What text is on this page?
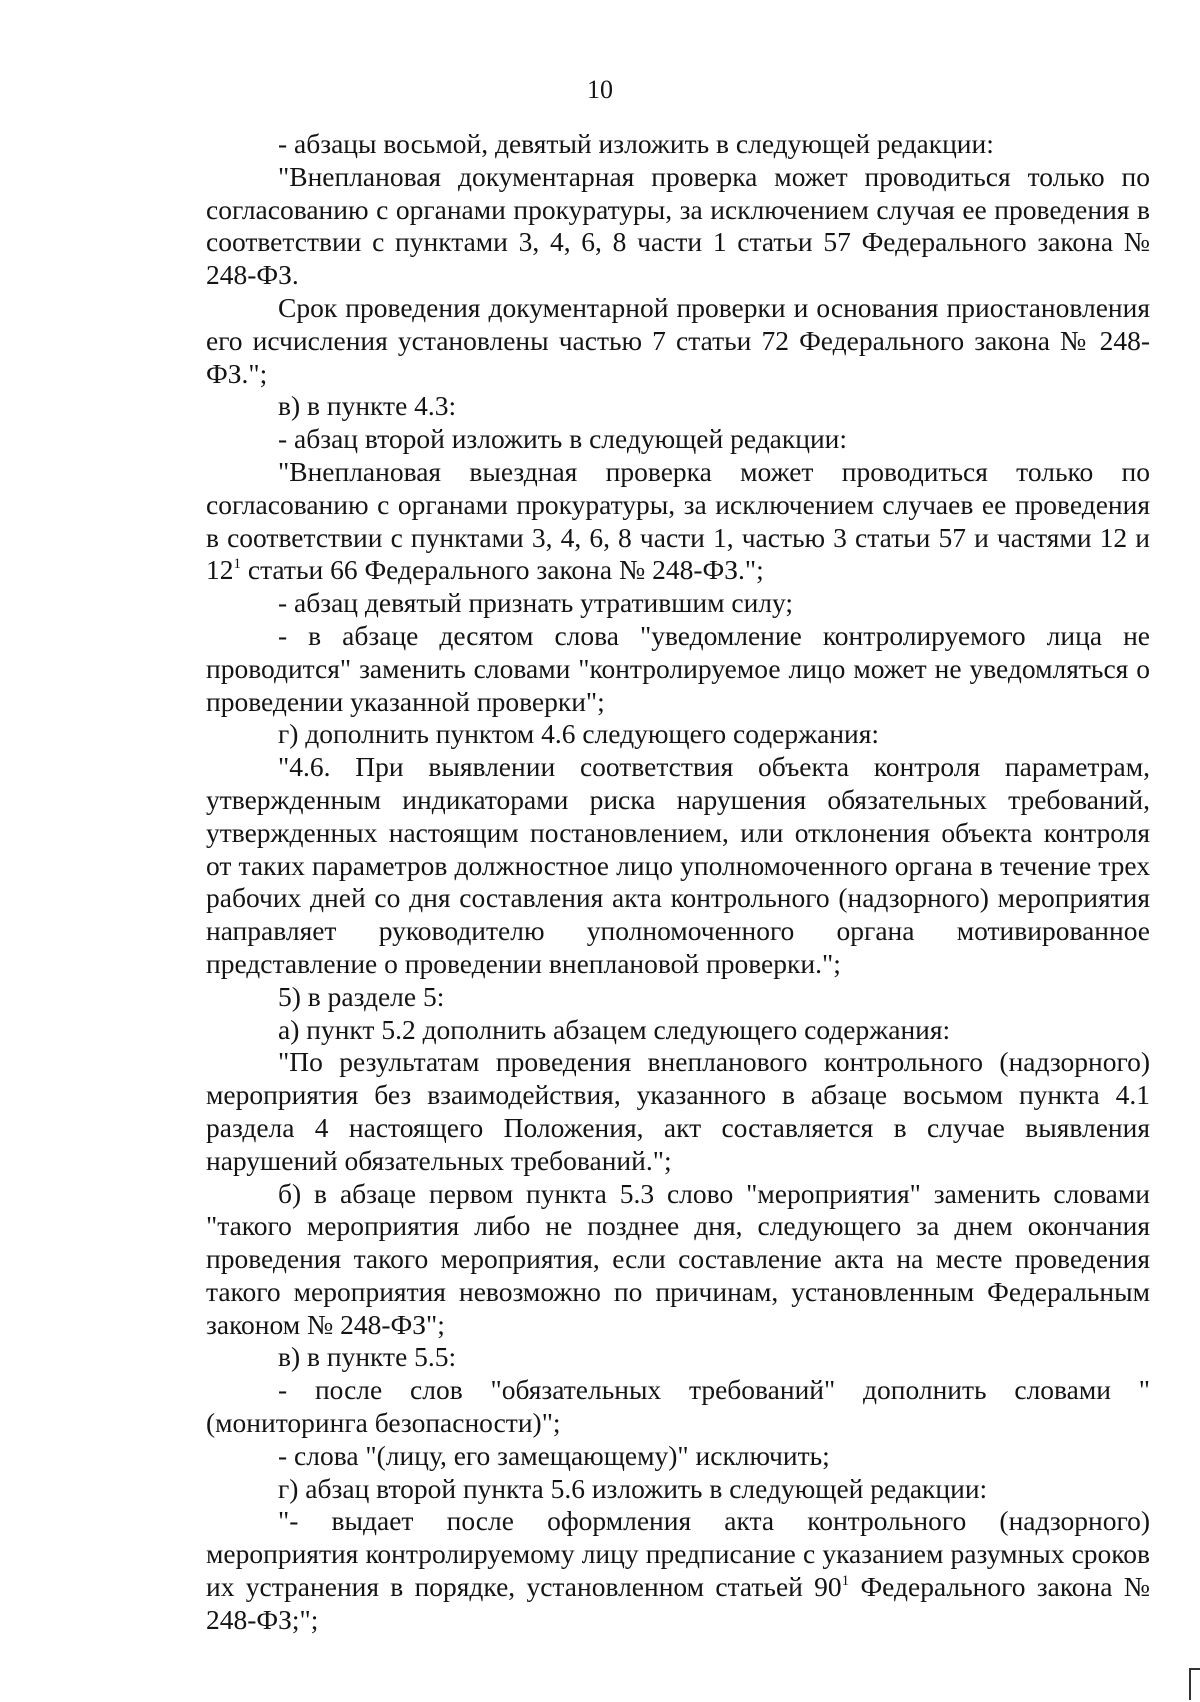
10

- абзацы восьмой, девятый изложить в следующей редакции:

"Внеплановая документарная проверка может проводиться только по согласованию с органами прокуратуры, за исключением случая ее проведения в соответствии с пунктами 3, 4, 6, 8 части 1 статьи 57 Федерального закона № 248-ФЗ.

Срок проведения документарной проверки и основания приостановления его исчисления установлены частью 7 статьи 72 Федерального закона № 248-ФЗ.";

в) в пункте 4.3:

- абзац второй изложить в следующей редакции:

"Внеплановая выездная проверка может проводиться только по согласованию с органами прокуратуры, за исключением случаев ее проведения в соответствии с пунктами 3, 4, 6, 8 части 1, частью 3 статьи 57 и частями 12 и $12^1$ статьи 66 Федерального закона № 248-ФЗ.";

- абзац девятый признать утратившим силу;

- в абзаце десятом слова "уведомление контролируемого лица не проводится" заменить словами "контролируемое лицо может не уведомляться о проведении указанной проверки";

г) дополнить пунктом 4.6 следующего содержания:

"4.6. При выявлении соответствия объекта контроля параметрам, утвержденным индикаторами риска нарушения обязательных требований, утвержденных настоящим постановлением, или отклонения объекта контроля от таких параметров должностное лицо уполномоченного органа в течение трех рабочих дней со дня составления акта контрольного (надзорного) мероприятия направляет руководителю уполномоченного органа мотивированное представление о проведении внеплановой проверки.";

5) в разделе 5:

а) пункт 5.2 дополнить абзацем следующего содержания:

"По результатам проведения внепланового контрольного (надзорного) мероприятия без взаимодействия, указанного в абзаце восьмом пункта 4.1 раздела 4 настоящего Положения, акт составляется в случае выявления нарушений обязательных требований.";

б) в абзаце первом пункта 5.3 слово "мероприятия" заменить словами "такого мероприятия либо не позднее дня, следующего за днем окончания проведения такого мероприятия, если составление акта на месте проведения такого мероприятия невозможно по причинам, установленным Федеральным законом № 248-ФЗ";

в) в пункте 5.5:

- после слов "обязательных требований" дополнить словами "(мониторинга безопасности)";

- слова "(лицу, его замещающему)" исключить;

г) абзац второй пункта 5.6 изложить в следующей редакции:

"- выдает после оформления акта контрольного (надзорного) мероприятия контролируемому лицу предписание с указанием разумных сроков их устранения в порядке, установленном статьей $90^1$ Федерального закона № 248-ФЗ;";
